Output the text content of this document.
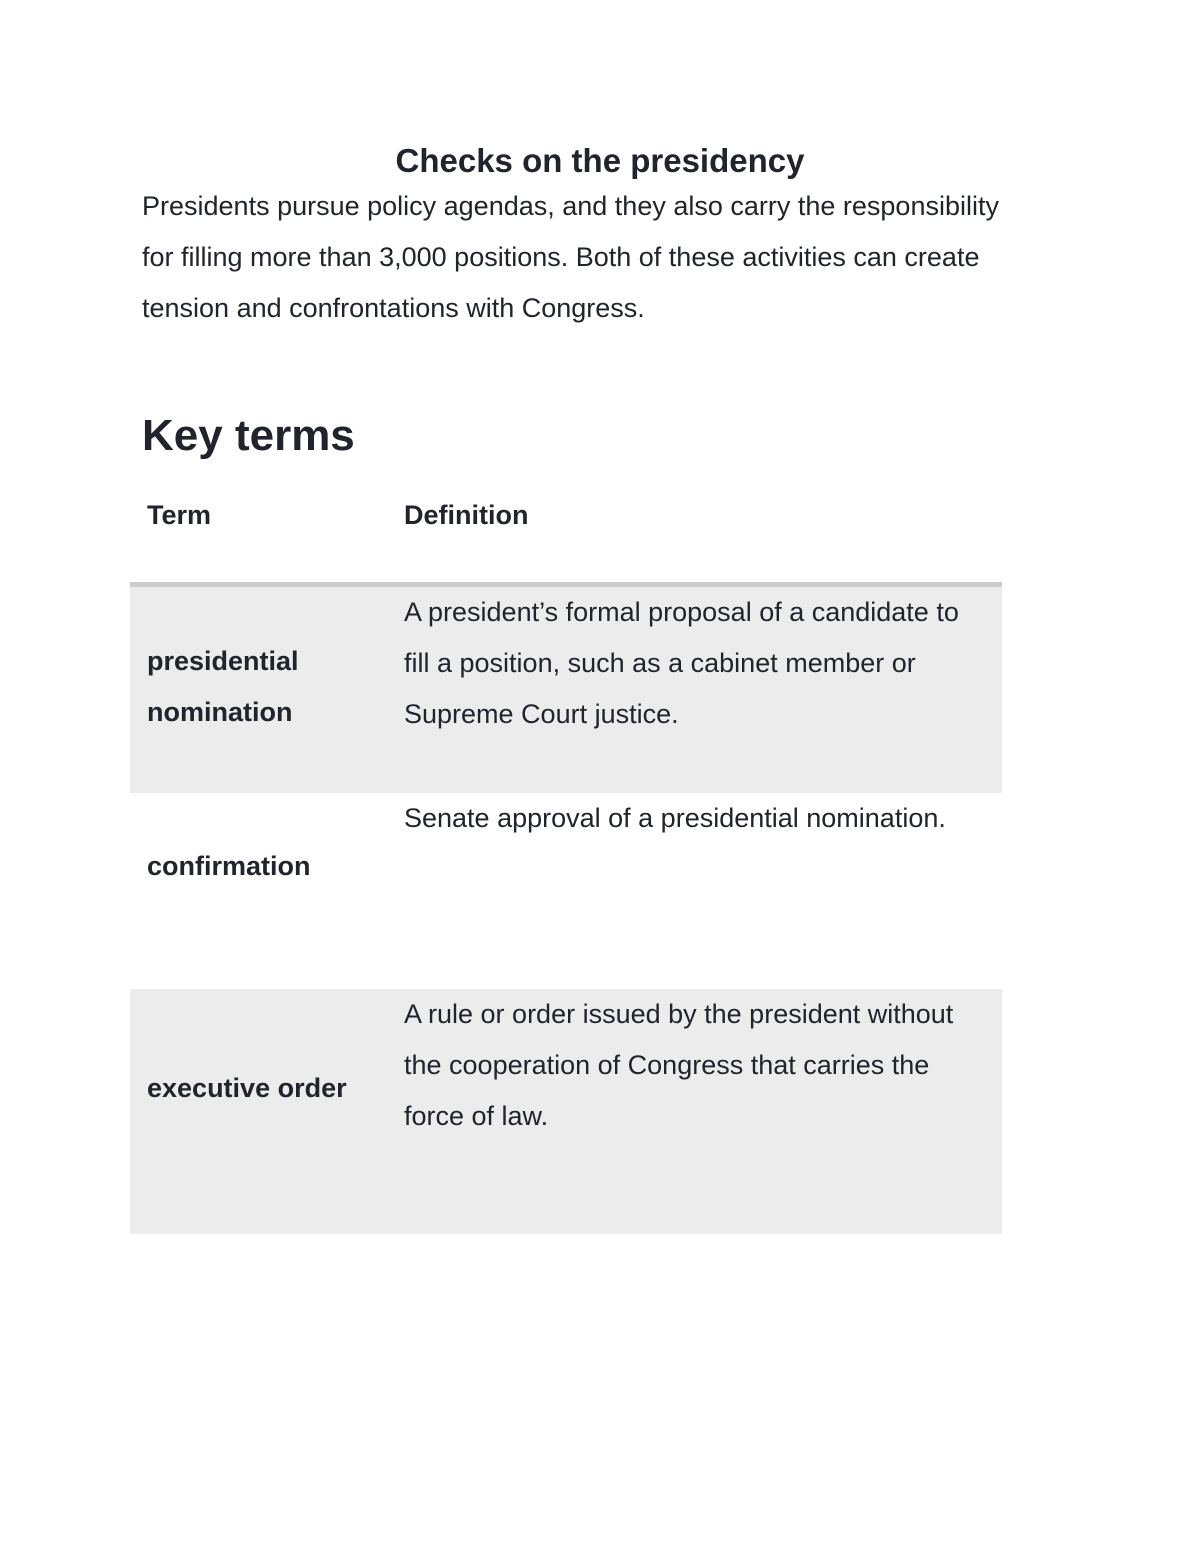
Checks on the presidency

Presidents pursue policy agendas, and they also carry the responsibility for filling more than 3,000 positions. Both of these activities can create tension and confrontations with Congress.

Key terms
Term	Definition
presidential nomination	A president’s formal proposal of a candidate to fill a position, such as a cabinet member or Supreme Court justice.
confirmation	Senate approval of a presidential nomination.
executive order	A rule or order issued by the president without the cooperation of Congress that carries the force of law.
